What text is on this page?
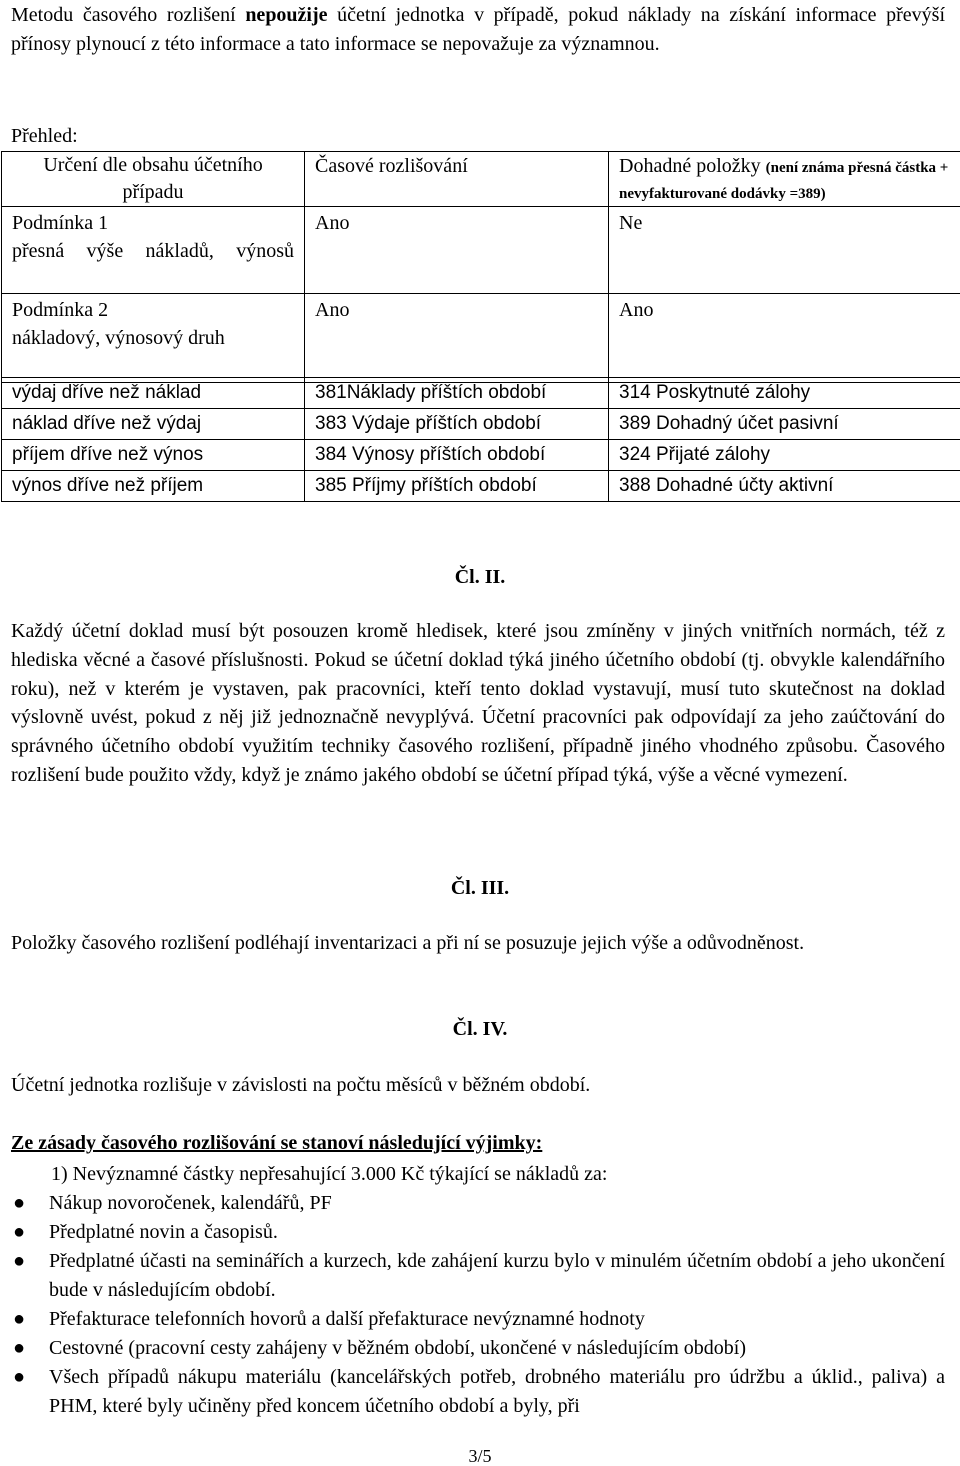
Metodu časového rozlišení nepoužije účetní jednotka v případě, pokud náklady na získání informace převýší přínosy plynoucí z této informace a tato informace se nepovažuje za významnou.

Přehled:

Určení dle obsahu účetního případu	Časové rozlišování	Dohadné položky (není známa přesná částka + nevyfakturované dodávky =389)

Podmínka 1
přesná výše nákladů, výnosů	Ano	Ne

Podmínka 2
nákladový, výnosový druh	Ano	Ano
výdaj dříve než náklad	381Náklady příštích období	314 Poskytnuté zálohy
náklad dříve než výdaj	383 Výdaje příštích období	389 Dohadný účet pasivní
příjem dříve než výnos	384 Výnosy příštích období	324 Přijaté zálohy
výnos dříve než příjem	385 Příjmy příštích období	388 Dohadné účty aktivní
Čl. II.

Každý účetní doklad musí být posouzen kromě hledisek, které jsou zmíněny v jiných vnitřních normách, též z hlediska věcné a časové příslušnosti. Pokud se účetní doklad týká jiného účetního období (tj. obvykle kalendářního roku), než v kterém je vystaven, pak pracovníci, kteří tento doklad vystavují, musí tuto skutečnost na doklad výslovně uvést, pokud z něj již jednoznačně nevyplývá. Účetní pracovníci pak odpovídají za jeho zaúčtování do správného účetního období využitím techniky časového rozlišení, případně jiného vhodného způsobu. Časového rozlišení bude použito vždy, když je známo jakého období se účetní případ týká, výše a věcné vymezení.

Čl. III.

Položky časového rozlišení podléhají inventarizaci a při ní se posuzuje jejich výše a odůvodněnost.

Čl. IV.

Účetní jednotka rozlišuje v závislosti na počtu měsíců v běžném období.

Ze zásady časového rozlišování se stanoví následující výjimky:

1) Nevýznamné částky nepřesahující 3.000 Kč týkající se nákladů za:
● Nákup novoročenek, kalendářů, PF
● Předplatné novin a časopisů.
● Předplatné účasti na seminářích a kurzech, kde zahájení kurzu bylo v minulém účetním období a jeho ukončení bude v následujícím období.
● Přefakturace telefonních hovorů a další přefakturace nevýznamné hodnoty
● Cestovné (pracovní cesty zahájeny v běžném období, ukončené v následujícím období)
● Všech případů nákupu materiálu (kancelářských potřeb, drobného materiálu pro údržbu a úklid., paliva) a PHM, které byly učiněny před koncem účetního období a byly, při
3/5
